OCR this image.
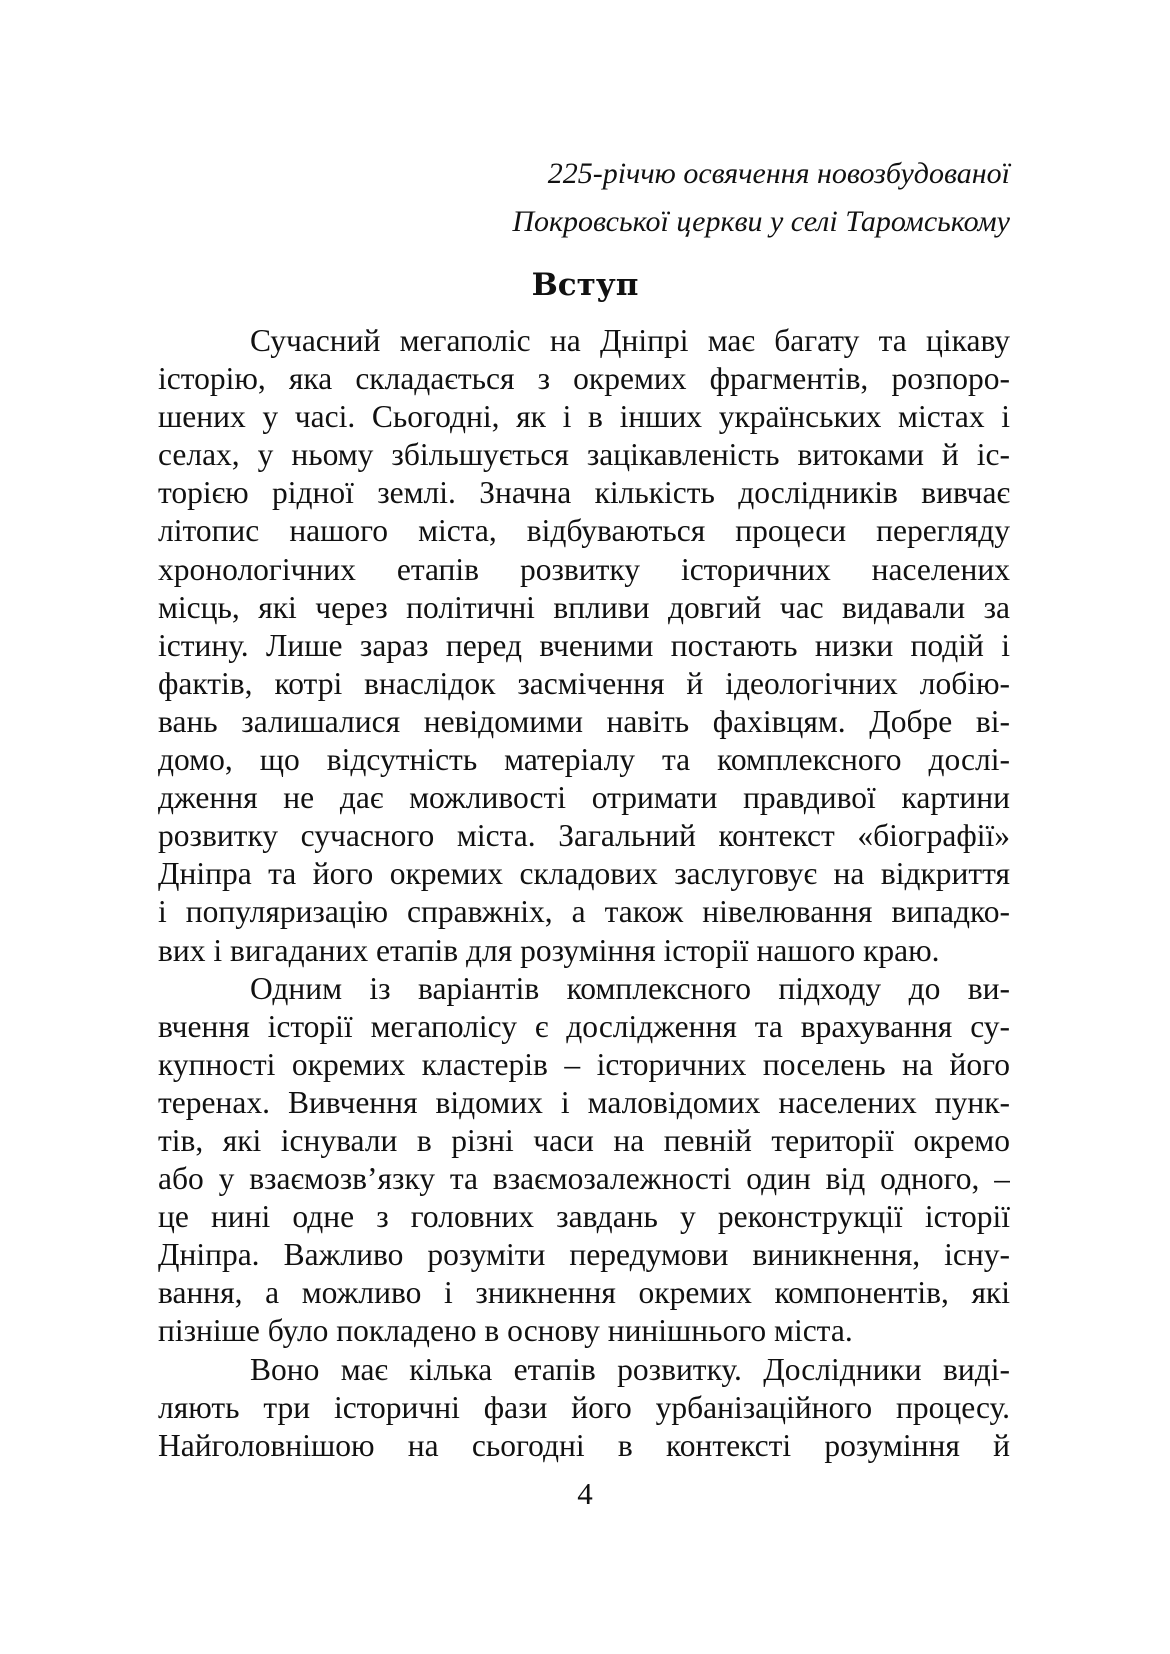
225-річчю освячення новозбудованої
Покровської церкви у селі Таромському
Вступ
Сучасний мегаполіс на Дніпрі має багату та цікаву
історію, яка складається з окремих фрагментів, розпоро-
шених у часі. Сьогодні, як і в інших українських містах і
селах, у ньому збільшується зацікавленість витоками й іс-
торією рідної землі. Значна кількість дослідників вивчає
літопис нашого міста, відбуваються процеси перегляду
хронологічних етапів розвитку історичних населених
місць, які через політичні впливи довгий час видавали за
істину. Лише зараз перед вченими постають низки подій і
фактів, котрі внаслідок засмічення й ідеологічних лобію-
вань залишалися невідомими навіть фахівцям. Добре ві-
домо, що відсутність матеріалу та комплексного дослі-
дження не дає можливості отримати правдивої картини
розвитку сучасного міста. Загальний контекст «біографії»
Дніпра та його окремих складових заслуговує на відкриття
і популяризацію справжніх, а також нівелювання випадко-
вих і вигаданих етапів для розуміння історії нашого краю.
Одним із варіантів комплексного підходу до ви-
вчення історії мегаполісу є дослідження та врахування су-
купності окремих кластерів – історичних поселень на його
теренах. Вивчення відомих і маловідомих населених пунк-
тів, які існували в різні часи на певній території окремо
або у взаємозв’язку та взаємозалежності один від одного, –
це нині одне з головних завдань у реконструкції історії
Дніпра. Важливо розуміти передумови виникнення, існу-
вання, а можливо і зникнення окремих компонентів, які
пізніше було покладено в основу нинішнього міста.
Воно має кілька етапів розвитку. Дослідники виді-
ляють три історичні фази його урбанізаційного процесу.
Найголовнішою на сьогодні в контексті розуміння й
4
